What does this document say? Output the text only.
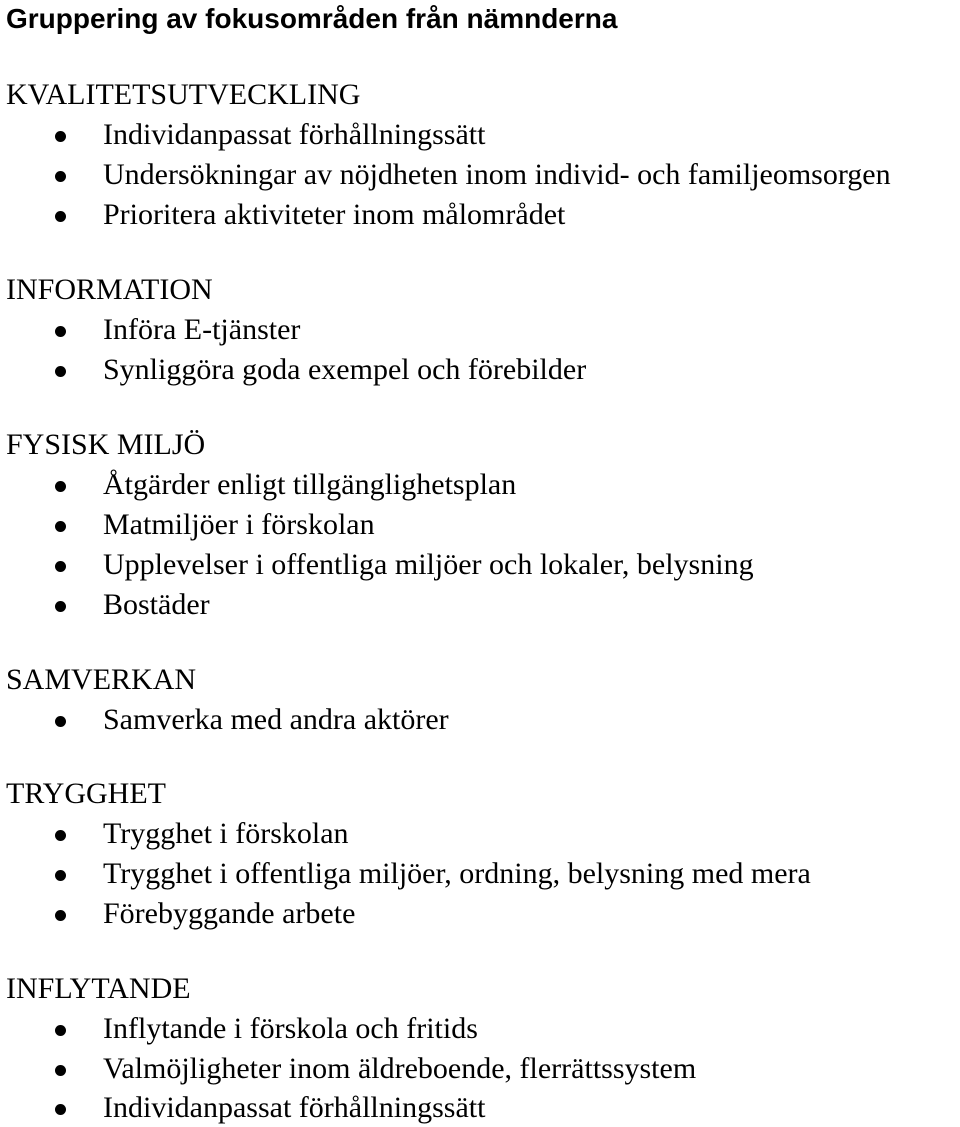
Gruppering av fokusområden från nämnderna
KVALITETSUTVECKLING
Individanpassat förhållningssätt
Undersökningar av nöjdheten inom individ- och familjeomsorgen
Prioritera aktiviteter inom målområdet
INFORMATION
Införa E-tjänster
Synliggöra goda exempel och förebilder
FYSISK MILJÖ
Åtgärder enligt tillgänglighetsplan
Matmiljöer i förskolan
Upplevelser i offentliga miljöer och lokaler, belysning
Bostäder
SAMVERKAN
Samverka med andra aktörer
TRYGGHET
Trygghet i förskolan
Trygghet i offentliga miljöer, ordning, belysning med mera
Förebyggande arbete
INFLYTANDE
Inflytande i förskola och fritids
Valmöjligheter inom äldreboende, flerrättssystem
Individanpassat förhållningssätt
